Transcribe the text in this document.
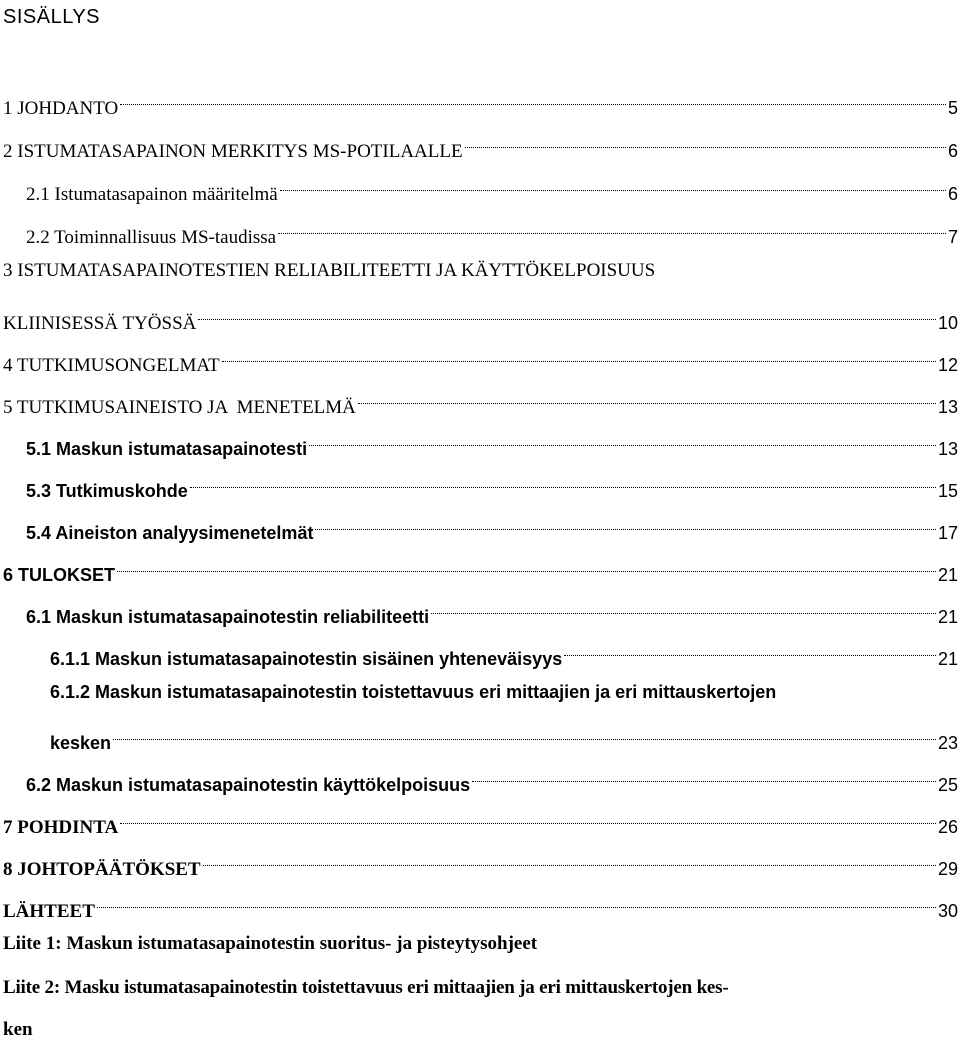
SISÄLLYS
1 JOHDANTO	5
2 ISTUMATASAPAINON MERKITYS MS-POTILAALLE	6
2.1 Istumatasapainon määritelmä	6
2.2 Toiminnallisuus MS-taudissa	7
3 ISTUMATASAPAINOTESTIEN RELIABILITEETTI JA KÄYTTÖKELPOISUUS
KLIINISESSÄ TYÖSSÄ	10
4 TUTKIMUSONGELMAT	12
5 TUTKIMUSAINEISTO JA  MENETELMÄ	13
5.1 Maskun istumatasapainotesti	13
5.3 Tutkimuskohde	15
5.4 Aineiston analyysimenetelmät	17
6 TULOKSET	21
6.1 Maskun istumatasapainotestin reliabiliteetti	21
6.1.1 Maskun istumatasapainotestin sisäinen yhteneväisyys	21
6.1.2 Maskun istumatasapainotestin toistettavuus eri mittaajien ja eri mittauskertojen
kesken	23
6.2 Maskun istumatasapainotestin käyttökelpoisuus	25
7 POHDINTA	26
8 JOHTOPÄÄTÖKSET	29
LÄHTEET	30
Liite 1: Maskun istumatasapainotestin suoritus- ja pisteytysohjeet
Liite 2: Masku istumatasapainotestin toistettavuus eri mittaajien ja eri mittauskertojen kes-
ken
